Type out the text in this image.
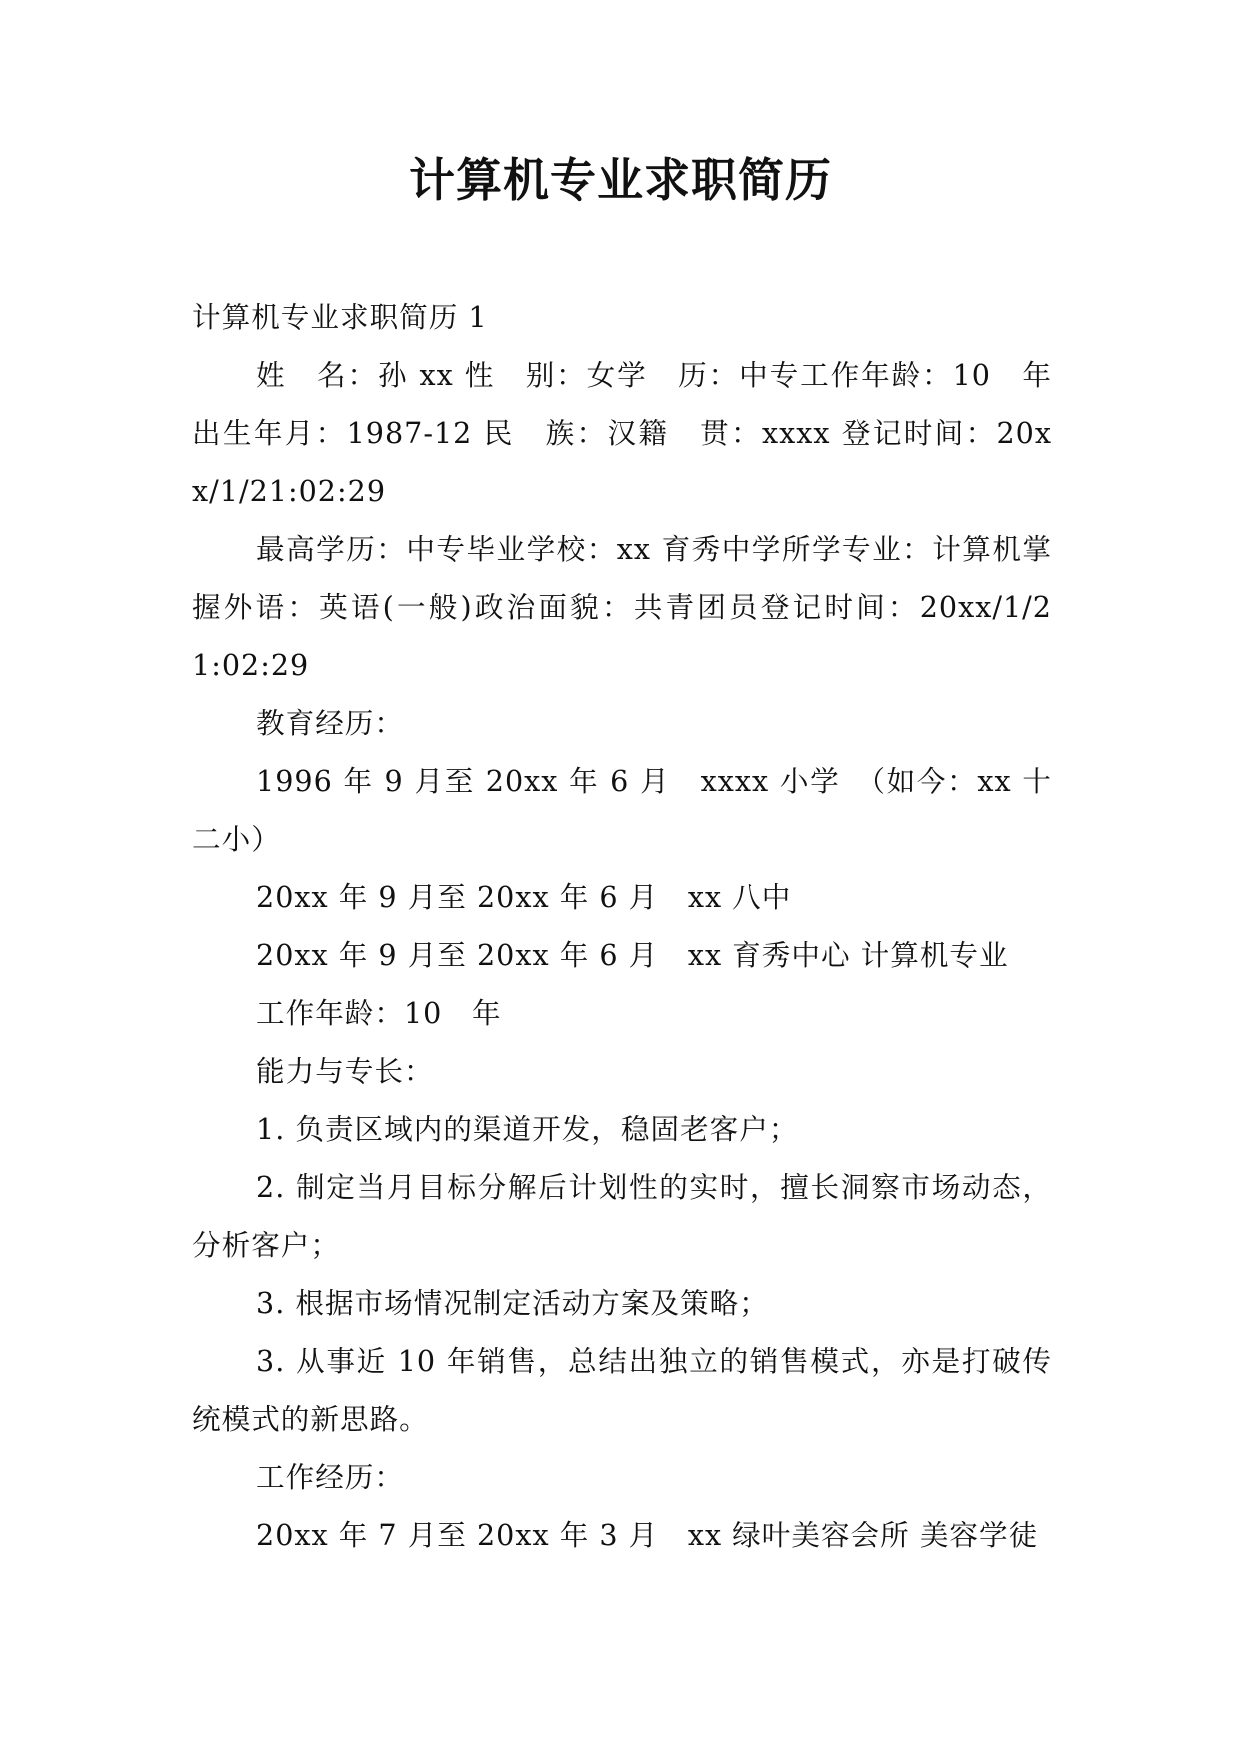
计算机专业求职简历

计算机专业求职简历 1

姓　名：孙 xx 性　别：女学　历：中专工作年龄：10　年出生年月：1987-12 民　族：汉籍　贯：xxxx 登记时间：20xx/1/21:02:29

最高学历：中专毕业学校：xx 育秀中学所学专业：计算机掌握外语：英语(一般)政治面貌：共青团员登记时间：20xx/1/2　1:02:29

教育经历：

1996 年 9 月至 20xx 年 6 月　xxxx 小学　（如今：xx 十二小）

20xx 年 9 月至 20xx 年 6 月　xx 八中

20xx 年 9 月至 20xx 年 6 月　xx 育秀中心 计算机专业

工作年龄：10　年

能力与专长：

1. 负责区域内的渠道开发，稳固老客户；

2. 制定当月目标分解后计划性的实时，擅长洞察市场动态，分析客户；

3. 根据市场情况制定活动方案及策略；

3. 从事近 10 年销售，总结出独立的销售模式，亦是打破传统模式的新思路。

工作经历：

20xx 年 7 月至 20xx 年 3 月　xx 绿叶美容会所 美容学徒
